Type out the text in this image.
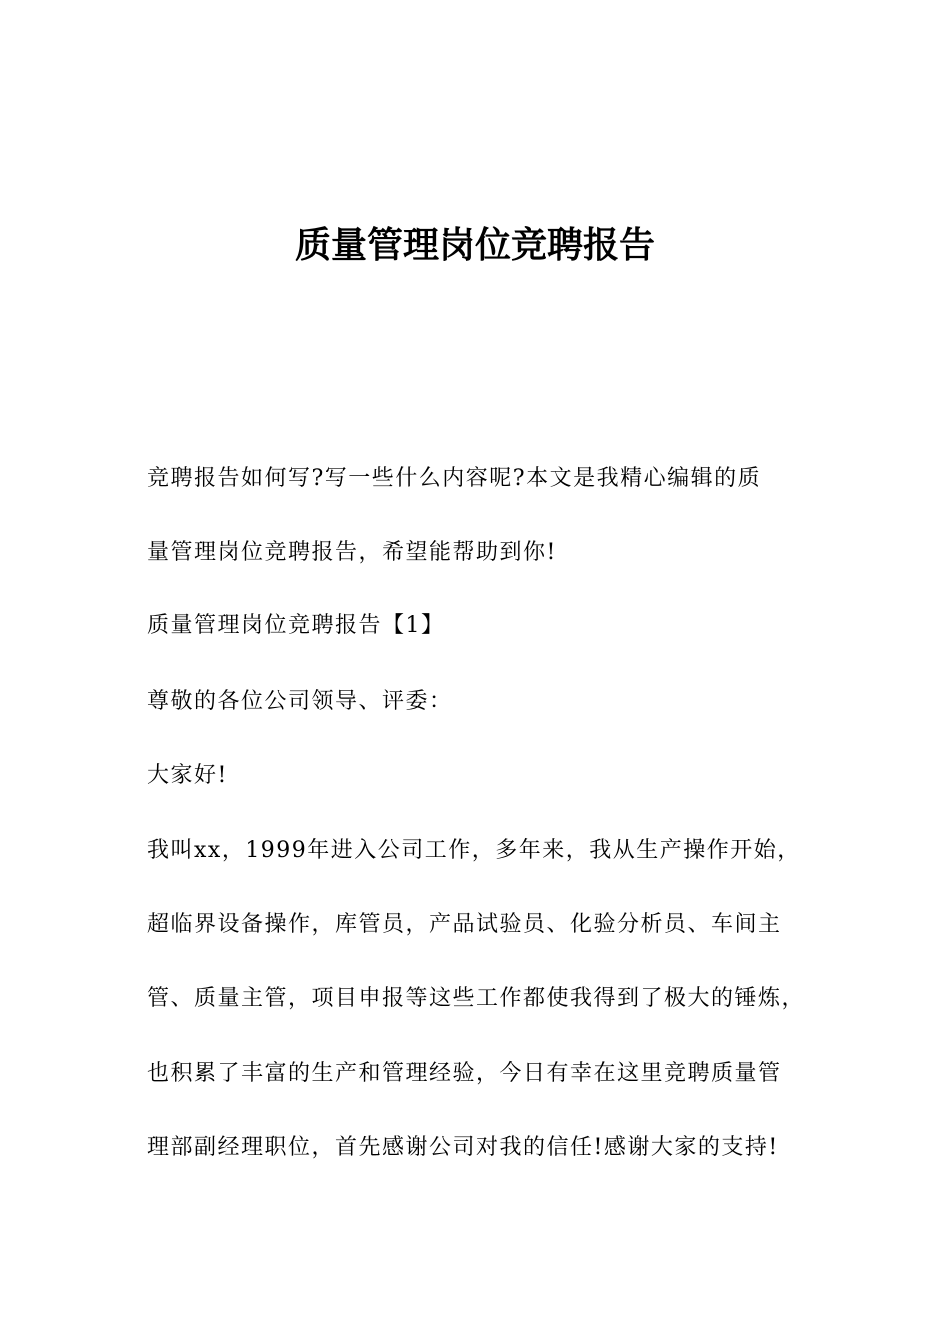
质量管理岗位竞聘报告

竞聘报告如何写?写一些什么内容呢?本文是我精心编辑的质

量管理岗位竞聘报告，希望能帮助到你!

质量管理岗位竞聘报告【1】

尊敬的各位公司领导、评委：

大家好!

我叫xx，1999年进入公司工作，多年来，我从生产操作开始，

超临界设备操作，库管员，产品试验员、化验分析员、车间主

管、质量主管，项目申报等这些工作都使我得到了极大的锤炼，

也积累了丰富的生产和管理经验，今日有幸在这里竞聘质量管

理部副经理职位，首先感谢公司对我的信任!感谢大家的支持!
